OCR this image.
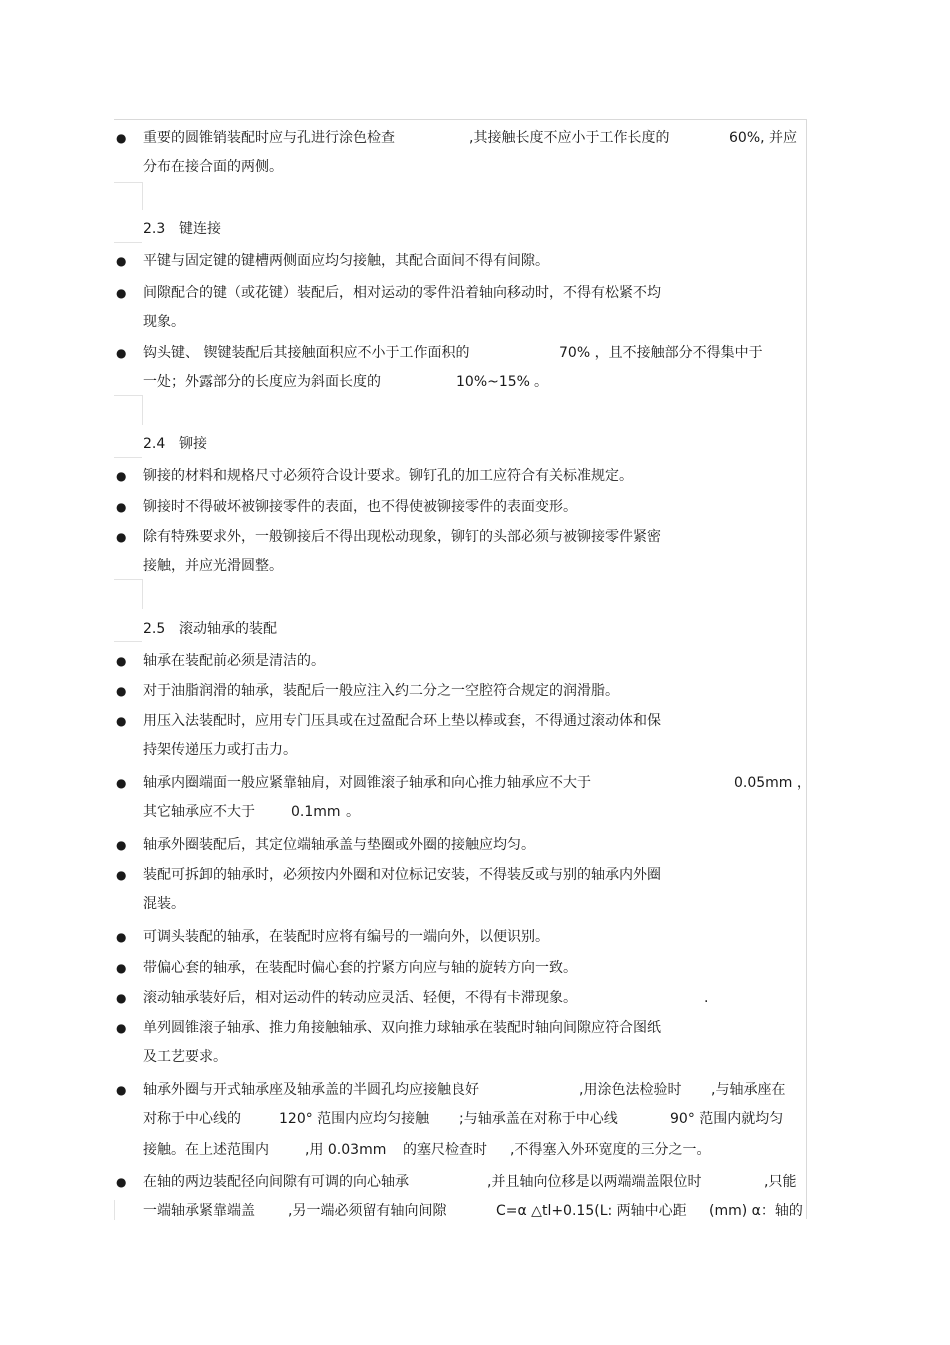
● 重要的圆锥销装配时应与孔进行涂色检查	,其接触长度不应小于工作长度的	60%, 并应
分布在接合面的两侧。
2.3 键连接
● 平键与固定键的键槽两侧面应均匀接触，其配合面间不得有间隙。
● 间隙配合的键（或花键）装配后，相对运动的零件沿着轴向移动时，不得有松紧不均
现象。
● 钩头键、 锲键装配后其接触面积应不小于工作面积的	70% ，且不接触部分不得集中于
一处；外露部分的长度应为斜面长度的	10%~15% 。
2.4 铆接
● 铆接的材料和规格尺寸必须符合设计要求。铆钉孔的加工应符合有关标准规定。
● 铆接时不得破坏被铆接零件的表面，也不得使被铆接零件的表面变形。
● 除有特殊要求外，一般铆接后不得出现松动现象，铆钉的头部必须与被铆接零件紧密
接触，并应光滑圆整。
2.5 滚动轴承的装配
● 轴承在装配前必须是清洁的。
● 对于油脂润滑的轴承，装配后一般应注入约二分之一空腔符合规定的润滑脂。
● 用压入法装配时，应用专门压具或在过盈配合环上垫以棒或套，不得通过滚动体和保
持架传递压力或打击力。
● 轴承内圈端面一般应紧靠轴肩，对圆锥滚子轴承和向心推力轴承应不大于	0.05mm ，
其它轴承应不大于	0.1mm 。
● 轴承外圈装配后，其定位端轴承盖与垫圈或外圈的接触应均匀。
● 装配可拆卸的轴承时，必须按内外圈和对位标记安装，不得装反或与别的轴承内外圈
混装。
● 可调头装配的轴承，在装配时应将有编号的一端向外，以便识别。
● 带偏心套的轴承，在装配时偏心套的拧紧方向应与轴的旋转方向一致。
● 滚动轴承装好后，相对运动件的转动应灵活、轻便，不得有卡滞现象。	.
● 单列圆锥滚子轴承、推力角接触轴承、双向推力球轴承在装配时轴向间隙应符合图纸
及工艺要求。
● 轴承外圈与开式轴承座及轴承盖的半圆孔均应接触良好	,用涂色法检验时 ,与轴承座在
对称于中心线的	120° 范围内应均匀接触 ;与轴承盖在对称于中心线	90° 范围内就均匀
接触。在上述范围内	,用 0.03mm 的塞尺检查时 ,不得塞入外环宽度的三分之一。
● 在轴的两边装配径向间隙有可调的向心轴承	,并且轴向位移是以两端端盖限位时	,只能
一端轴承紧靠端盖 ,另一端必须留有轴向间隙	C=α △tl+0.15(L: 两轴中心距 (mm) α：轴的
